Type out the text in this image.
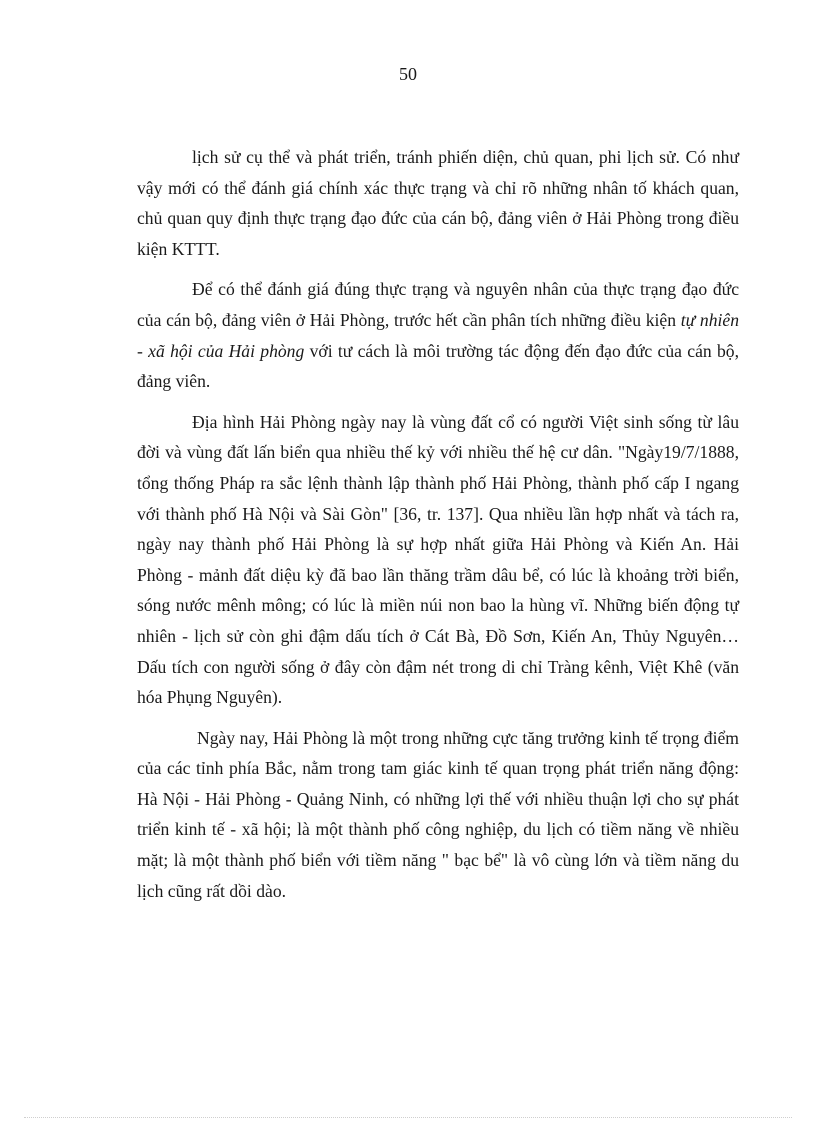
50

lịch sử cụ thể và phát triển, tránh phiến diện, chủ quan, phi lịch sử. Có như vậy mới có thể đánh giá chính xác thực trạng và chỉ rõ những nhân tố khách quan, chủ quan quy định thực trạng đạo đức của cán bộ, đảng viên ở Hải Phòng trong điều kiện KTTT.

Để có thể đánh giá đúng thực trạng và nguyên nhân của thực trạng đạo đức của cán bộ, đảng viên ở Hải Phòng, trước hết cần phân tích những điều kiện tự nhiên - xã hội của Hải phòng với tư cách là môi trường tác động đến đạo đức của cán bộ, đảng viên.

Địa hình Hải Phòng ngày nay là vùng đất cổ có người Việt sinh sống từ lâu đời và vùng đất lấn biển qua nhiều thế kỷ với nhiều thế hệ cư dân. "Ngày19/7/1888, tổng thống Pháp ra sắc lệnh thành lập thành phố Hải Phòng, thành phố cấp I ngang với thành phố Hà Nội và Sài Gòn" [36, tr. 137]. Qua nhiều lần hợp nhất và tách ra, ngày nay thành phố Hải Phòng là sự hợp nhất giữa Hải Phòng và Kiến An. Hải Phòng - mảnh đất diệu kỳ đã bao lần thăng trầm dâu bể, có lúc là khoảng trời biển, sóng nước mênh mông; có lúc là miền núi non bao la hùng vĩ. Những biến động tự nhiên - lịch sử còn ghi đậm dấu tích ở Cát Bà, Đồ Sơn, Kiến An, Thủy Nguyên… Dấu tích con người sống ở đây còn đậm nét trong di chỉ Tràng kênh, Việt Khê (văn hóa Phụng Nguyên).

Ngày nay, Hải Phòng là một trong những cực tăng trưởng kinh tế trọng điểm của các tỉnh phía Bắc, nằm trong tam giác kinh tế quan trọng phát triển năng động: Hà Nội - Hải Phòng - Quảng Ninh, có những lợi thế với nhiều thuận lợi cho sự phát triển kinh tế - xã hội; là một thành phố công nghiệp, du lịch có tiềm năng về nhiều mặt; là một thành phố biển với tiềm năng " bạc bể" là vô cùng lớn và tiềm năng du lịch cũng rất dồi dào.
